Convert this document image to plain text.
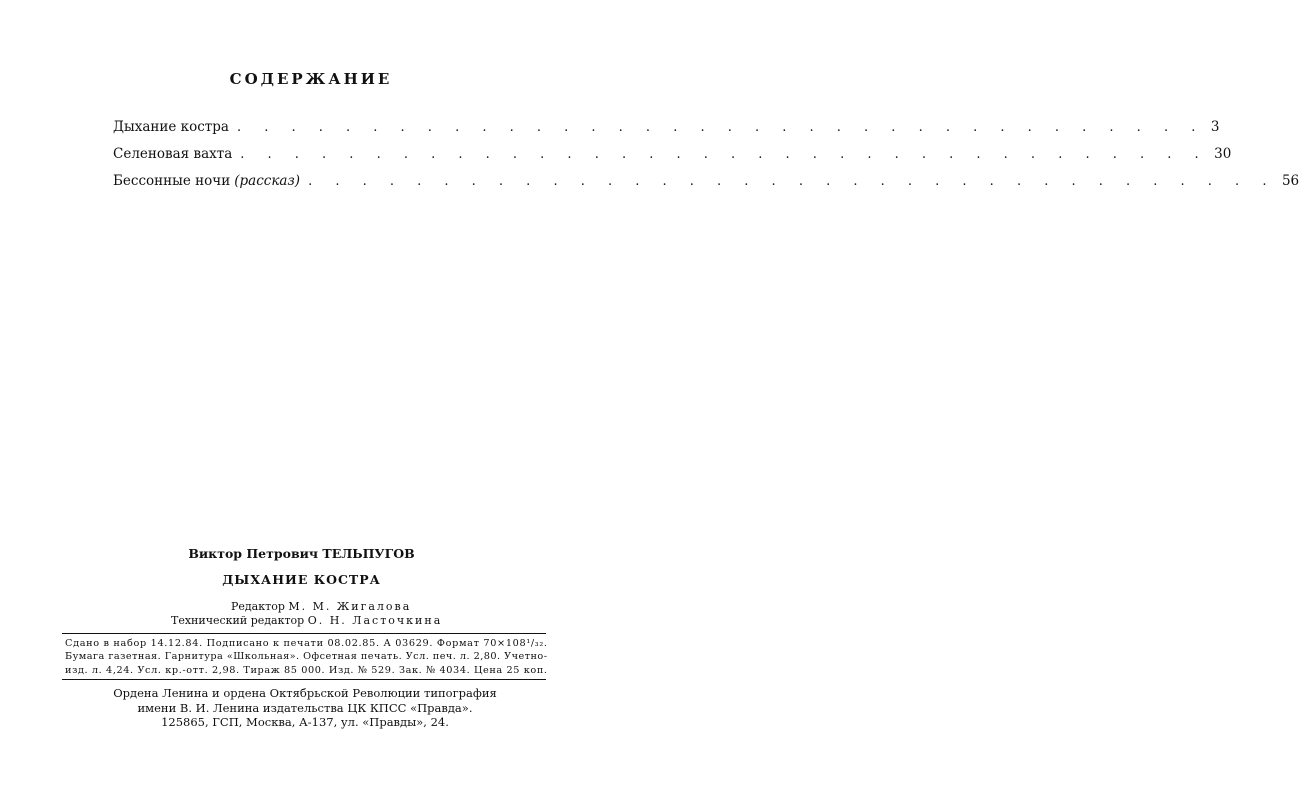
СОДЕРЖАНИЕ
Дыхание костра . . . . . . . . . . . . . . . . . . . . . . . . . . . . . . . . . . . . 3
Селеновая вахта . . . . . . . . . . . . . . . . . . . . . . . . . . . . . . . . . . . . 30
Бессонные ночи (рассказ) . . . . . . . . . . . . . . . . . . . . . . . . . . . . . . . . . . . . 56
Виктор Петрович ТЕЛЬПУГОВ
ДЫХАНИЕ КОСТРА
Редактор М. М. Жигалова
Технический редактор О. Н. Ласточкина
Сдано в набор 14.12.84. Подписано к печати 08.02.85. А 03629. Формат 70×108¹/₃₂.
Бумага газетная. Гарнитура «Школьная». Офсетная печать. Усл. печ. л. 2,80. Учетно-
изд. л. 4,24. Усл. кр.-отт. 2,98. Тираж 85 000. Изд. № 529. Зак. № 4034. Цена 25 коп.
Ордена Ленина и ордена Октябрьской Революции типография
имени В. И. Ленина издательства ЦК КПСС «Правда».
125865, ГСП, Москва, А-137, ул. «Правды», 24.
